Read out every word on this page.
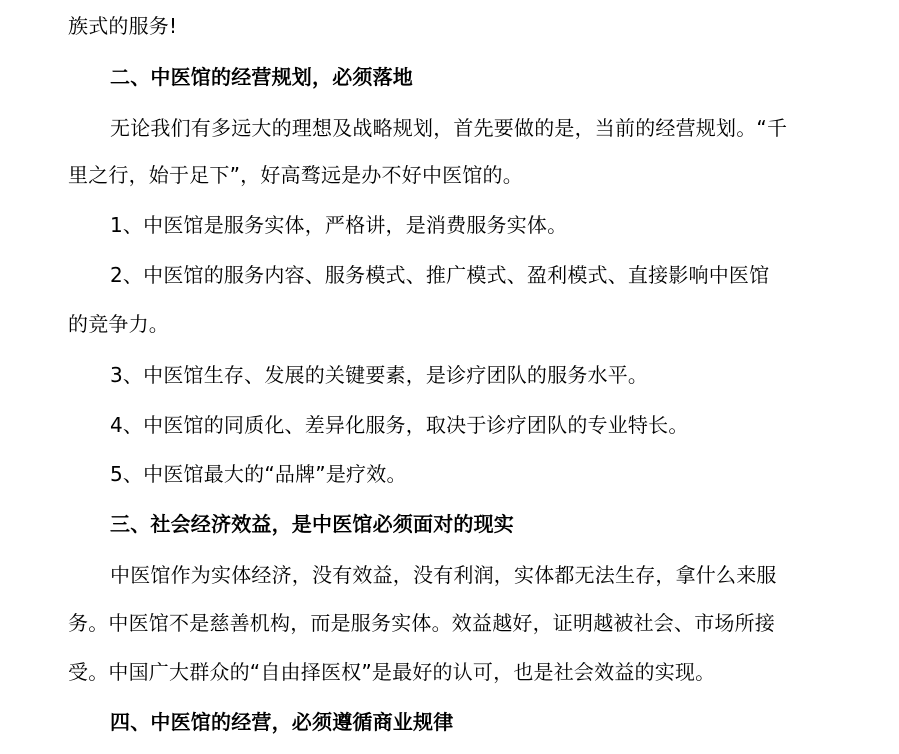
族式的服务!
二、中医馆的经营规划，必须落地
无论我们有多远大的理想及战略规划，首先要做的是，当前的经营规划。“千
里之行，始于足下”，好高骛远是办不好中医馆的。
1、中医馆是服务实体，严格讲，是消费服务实体。
2、中医馆的服务内容、服务模式、推广模式、盈利模式、直接影响中医馆
的竞争力。
3、中医馆生存、发展的关键要素，是诊疗团队的服务水平。
4、中医馆的同质化、差异化服务，取决于诊疗团队的专业特长。
5、中医馆最大的“品牌”是疗效。
三、社会经济效益，是中医馆必须面对的现实
中医馆作为实体经济，没有效益，没有利润，实体都无法生存，拿什么来服
务。中医馆不是慈善机构，而是服务实体。效益越好，证明越被社会、市场所接
受。中国广大群众的“自由择医权”是最好的认可，也是社会效益的实现。
四、中医馆的经营，必须遵循商业规律
